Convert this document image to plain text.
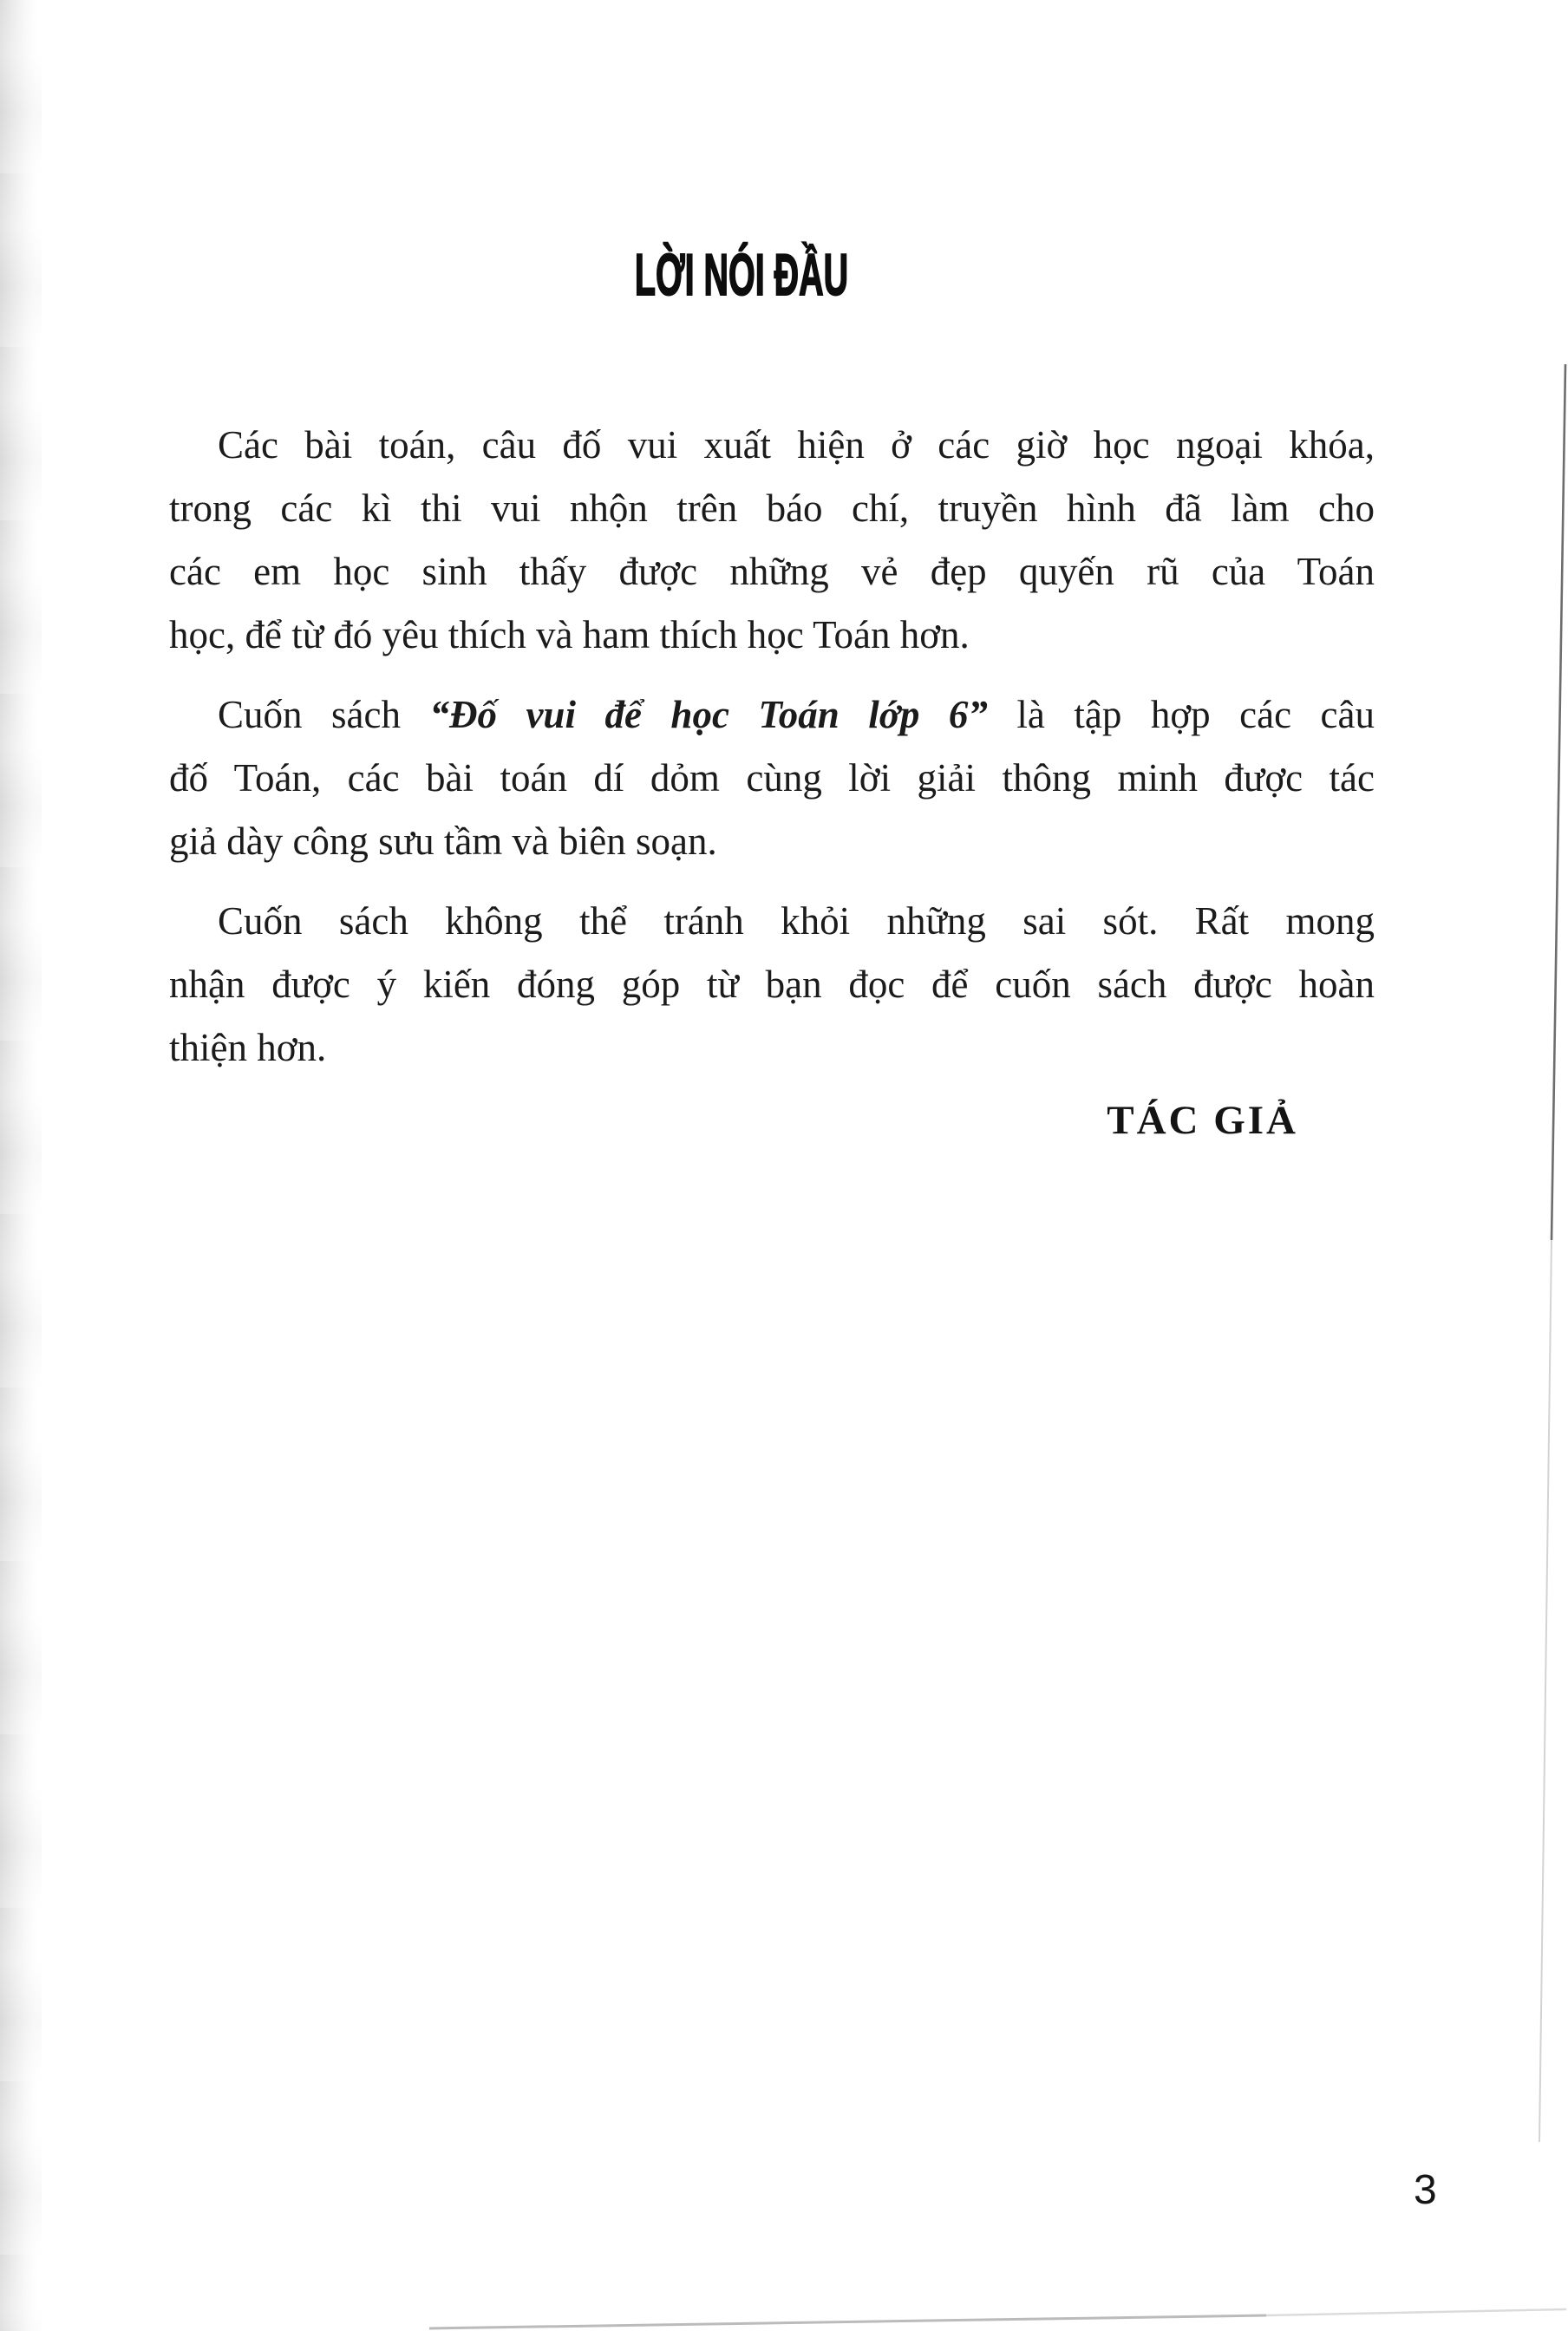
LỜI NÓI ĐẦU
Các bài toán, câu đố vui xuất hiện ở các giờ học ngoại khóa,
trong các kì thi vui nhộn trên báo chí, truyền hình đã làm cho
các em học sinh thấy được những vẻ đẹp quyến rũ của Toán
học, để từ đó yêu thích và ham thích học Toán hơn.
Cuốn sách “Đố vui để học Toán lớp 6” là tập hợp các câu
đố Toán, các bài toán dí dỏm cùng lời giải thông minh được tác
giả dày công sưu tầm và biên soạn.
Cuốn sách không thể tránh khỏi những sai sót. Rất mong
nhận được ý kiến đóng góp từ bạn đọc để cuốn sách được hoàn
thiện hơn.
TÁC GIẢ
3
